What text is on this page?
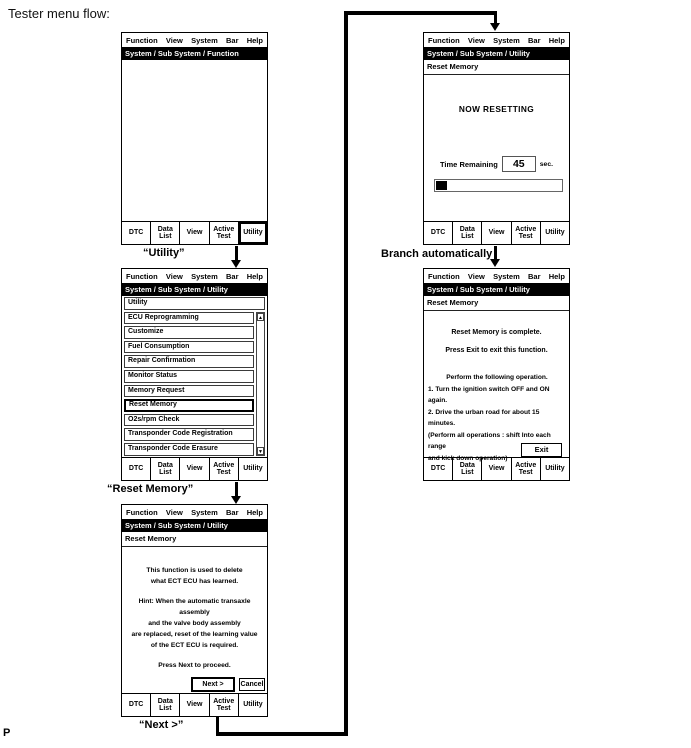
Tester menu flow:
Function View System Bar Help
System / Sub System / Function
DTC
Data List
View
Active Test
Utility
“Utility”
Function View System Bar Help
System / Sub System / Utility
Utility
ECU Reprogramming
Customize
Fuel Consumption
Repair Confirmation
Monitor Status
Memory Request
Reset Memory
O2s/rpm Check
Transponder Code Registration
Transponder Code Erasure
▲
▼
DTC
Data List
View
Active Test
Utility
“Reset Memory”
Function View System Bar Help
System / Sub System / Utility
Reset Memory
This function is used to delete
what ECT ECU has learned.
Hint: When the automatic transaxle assembly
and the valve body assembly
are replaced, reset of the learning value
of the ECT ECU is required.
Press Next to proceed.
Next >	Cancel
DTC
Data List
View
Active Test
Utility
“Next >”
Function View System Bar Help
System / Sub System / Utility
Reset Memory
NOW RESETTING
Time Remaining	45	sec.
DTC
Data List
View
Active Test
Utility
Branch automatically
Function View System Bar Help
System / Sub System / Utility
Reset Memory
Reset Memory is complete.
Press Exit to exit this function.
Perform the following operation.
1. Turn the ignition switch OFF and ON again.
2. Drive the urban road for about 15 minutes.
(Perform all operations : shift Into each range
and kick down operation)
Exit
DTC
Data List
View
Active Test
Utility
P
